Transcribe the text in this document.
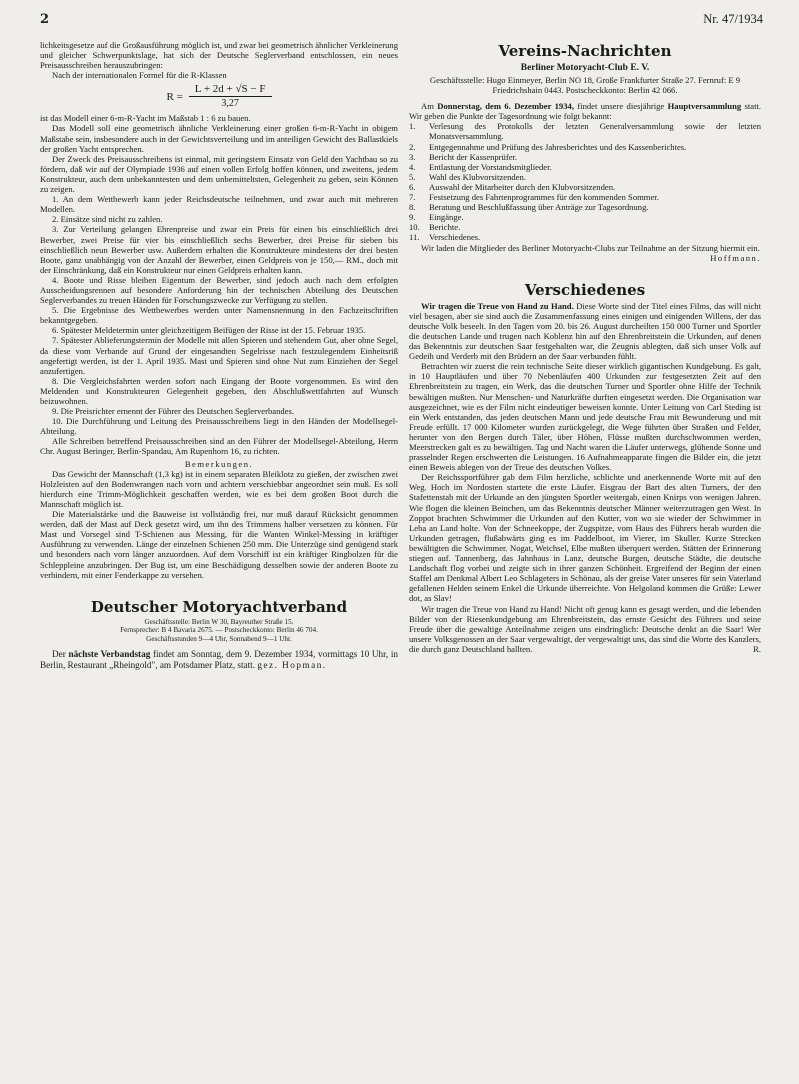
2	Nr. 47/1934

lichkeitsgesetze auf die Großausführung möglich ist, und zwar bei geometrisch ähnlicher Verkleinerung und gleicher Schwerpunktslage, hat sich der Deutsche Seglerverband entschlossen, ein neues Preisausschreiben herauszubringen:

Nach der internationalen Formel für die R-Klassen

$R = \frac{L + 2d + √S - F}{3,27}$

ist das Modell einer 6-m-R-Yacht im Maßstab 1 : 6 zu bauen.

Das Modell soll eine geometrisch ähnliche Verkleinerung einer großen 6-m-R-Yacht in obigem Maßstabe sein, insbesondere auch in der Gewichtsverteilung und im anteiligen Gewicht des Ballastkiels der großen Yacht entsprechen.

Der Zweck des Preisausschreibens ist einmal, mit geringstem Einsatz von Geld den Yachtbau so zu fördern, daß wir auf der Olympiade 1936 auf einen vollen Erfolg hoffen können, und zweitens, jedem Konstrukteur, auch dem unbekanntesten und dem unbemitteltsten, Gelegenheit zu geben, sein Können zu zeigen.

1. An dem Wettbewerb kann jeder Reichsdeutsche teilnehmen, und zwar auch mit mehreren Modellen.

2. Einsätze sind nicht zu zahlen.

3. Zur Verteilung gelangen Ehrenpreise und zwar ein Preis für einen bis einschließlich drei Bewerber, zwei Preise für vier bis einschließlich sechs Bewerber, drei Preise für sieben bis einschließlich neun Bewerber usw. Außerdem erhalten die Konstrukteure mindestens der drei besten Boote, ganz unabhängig von der Anzahl der Bewerber, einen Geldpreis von je 150,— RM., doch mit der Einschränkung, daß ein Konstrukteur nur einen Geldpreis erhalten kann.

4. Boote und Risse bleiben Eigentum der Bewerber, sind jedoch auch nach dem erfolgten Ausscheidungsrennen auf besondere Anforderung hin der technischen Abteilung des Deutschen Seglerverbandes zu treuen Händen für Forschungszwecke zur Verfügung zu stellen.

5. Die Ergebnisse des Wettbewerbes werden unter Namensnennung in den Fachzeitschriften bekanntgegeben.

6. Spätester Meldetermin unter gleichzeitigem Beifügen der Risse ist der 15. Februar 1935.

7. Spätester Ablieferungstermin der Modelle mit allen Spieren und stehendem Gut, aber ohne Segel, da diese vom Verbande auf Grund der eingesandten Segelrisse nach festzulegendem Einheitsriß angefertigt werden, ist der 1. April 1935. Mast und Spieren sind ohne Nut zum Einziehen der Segel anzufertigen.

8. Die Vergleichsfahrten werden sofort nach Eingang der Boote vorgenommen. Es wird den Meldenden und Konstrukteuren Gelegenheit gegeben, den Abschlußwettfahrten auf Wunsch beizuwohnen.

9. Die Preisrichter ernennt der Führer des Deutschen Seglerverbandes.

10. Die Durchführung und Leitung des Preisausschreibens liegt in den Händen der Modellsegel-Abteilung.

Alle Schreiben betreffend Preisausschreiben sind an den Führer der Modellsegel-Abteilung, Herrn Chr. August Beringer, Berlin-Spandau, Am Rupenhorn 16, zu richten.

Bemerkungen.

Das Gewicht der Mannschaft (1,3 kg) ist in einem separaten Bleiklotz zu gießen, der zwischen zwei Holzleisten auf den Bodenwrangen nach vorn und achtern verschiebbar angeordnet sein muß. Es soll hierdurch eine Trimm-Möglichkeit geschaffen werden, wie es bei dem großen Boot durch die Mannschaft möglich ist.

Die Materialstärke und die Bauweise ist vollständig frei, nur muß darauf Rücksicht genommen werden, daß der Mast auf Deck gesetzt wird, um ihn des Trimmens halber versetzen zu können. Für Mast und Vorsegel sind T-Schienen aus Messing, für die Wanten Winkel-Messing in kräftiger Ausführung zu verwenden. Länge der einzelnen Schienen 250 mm. Die Unterzüge sind genügend stark und besonders nach vorn länger anzuordnen. Auf dem Vorschiff ist ein kräftiger Ringbolzen für die Schleppleine anzubringen. Der Bug ist, um eine Beschädigung desselben sowie der anderen Boote zu verhindern, mit einer Fenderkappe zu versehen.

Deutscher Motoryachtverband
Geschäftsstelle: Berlin W 30, Bayreuther Straße 15.
Fernsprecher: B 4 Bavaria 2675. — Postscheckkonto: Berlin 46 704.
Geschäftsstunden 9—4 Uhr, Sonnabend 9—1 Uhr.

Der nächste Verbandstag findet am Sonntag, dem 9. Dezember 1934, vormittags 10 Uhr, in Berlin, Restaurant „Rheingold", am Potsdamer Platz, statt. gez. Hopman.

Vereins-Nachrichten
Berliner Motoryacht-Club E. V.

Geschäftsstelle: Hugo Einmeyer, Berlin NO 18, Große Frankfurter Straße 27. Fernruf: E 9 Friedrichshain 0443. Postscheckkonto: Berlin 42 066.

Am Donnerstag, dem 6. Dezember 1934, findet unsere diesjährige Hauptversammlung statt. Wir geben die Punkte der Tagesordnung wie folgt bekannt:

1.	Verlesung des Protokolls der letzten Generalversammlung sowie der letzten Monatsversammlung.
2.	Entgegennahme und Prüfung des Jahresberichtes und des Kassenberichtes.
3.	Bericht der Kassenprüfer.
4.	Entlastung der Vorstandsmitglieder.
5.	Wahl des Klubvorsitzenden.
6.	Auswahl der Mitarbeiter durch den Klubvorsitzenden.
7.	Festsetzung des Fahrtenprogrammes für den kommenden Sommer.
8.	Beratung und Beschlußfassung über Anträge zur Tagesordnung.
9.	Eingänge.
10.	Berichte.
11.	Verschiedenes.

Wir laden die Mitglieder des Berliner Motoryacht-Clubs zur Teilnahme an der Sitzung hiermit ein.
Hoffmann.

Verschiedenes

Wir tragen die Treue von Hand zu Hand. Diese Worte sind der Titel eines Films, das will nicht viel besagen, aber sie sind auch die Zusammenfassung eines einigen und einigenden Willens, der das deutsche Volk beseelt. In den Tagen vom 20. bis 26. August durcheilten 150 000 Turner und Sportler die deutschen Lande und trugen nach Koblenz hin auf den Ehrenbreitstein die Urkunden, auf denen das Bekenntnis zur deutschen Saar festgehalten war, die Zeugnis ablegten, daß sich unser Volk auf Gedeih und Verderb mit den Brüdern an der Saar verbunden fühlt.

Betrachten wir zuerst die rein technische Seite dieser wirklich gigantischen Kundgebung. Es galt, in 10 Hauptläufen und über 70 Nebenläufen 400 Urkunden zur festgesetzten Zeit auf den Ehrenbreitstein zu tragen, ein Werk, das die deutschen Turner und Sportler ohne Hilfe der Technik bewältigen mußten. Nur Menschen- und Naturkräfte durften eingesetzt werden. Die Organisation war ausgezeichnet, wie es der Film nicht eindeutiger beweisen konnte. Unter Leitung von Carl Steding ist ein Werk entstanden, das jeden deutschen Mann und jede deutsche Frau mit Bewunderung und mit Freude erfüllt. 17 000 Kilometer wurden zurückgelegt, die Wege führten über Straßen und Felder, herunter von den Bergen durch Täler, über Höhen, Flüsse mußten durchschwommen werden, Meerstrecken galt es zu bewältigen. Tag und Nacht waren die Läufer unterwegs, glühende Sonne und prasselnder Regen erschwerten die Leistungen. 16 Aufnahmeapparate fingen die Bilder ein, die jetzt einen Beweis ablegen von der Treue des deutschen Volkes.

Der Reichssportführer gab dem Film herzliche, schlichte und anerkennende Worte mit auf den Weg. Hoch im Nordosten startete die erste Läufer. Eisgrau der Bart des alten Turners, der den Stafettenstab mit der Urkunde an den jüngsten Sportler weitergab, einen Knirps von wenigen Jahren. Wie flogen die kleinen Beinchen, um das Bekenntnis deutscher Männer weiterzutragen gen West. In Zoppot brachten Schwimmer die Urkunden auf den Kutter, von wo sie wieder der Schwimmer in Leba an Land holte. Von der Schneekoppe, der Zugspitze, vom Haus des Führers herab wurden die Urkunden getragen, flußabwärts ging es im Paddelboot, im Vierer, im Skuller. Kurze Strecken bewältigten die Schwimmer. Nogat, Weichsel, Elbe mußten überquert werden. Stätten der Erinnerung stiegen auf. Tannenberg, das Jahnhaus in Lanz, deutsche Burgen, deutsche Städte, die deutsche Landschaft flog vorbei und zeigte sich in ihrer ganzen Schönheit. Ergreifend der Beginn der einen Staffel am Denkmal Albert Leo Schlageters in Schönau, als der greise Vater unseres für sein Vaterland gefallenen Helden seinem Enkel die Urkunde überreichte. Von Helgoland kommen die Grüße: Lewer dot, as Slav!

Wir tragen die Treue von Hand zu Hand! Nicht oft genug kann es gesagt werden, und die lebenden Bilder von der Riesenkundgebung am Ehrenbreitstein, das ernste Gesicht des Führers und seine Freude über die gewaltige Anteilnahme zeigen uns eindringlich: Deutsche denkt an die Saar! Wer unsere Volksgenossen an der Saar vergewaltigt, der vergewaltigt uns, das sind die Worte des Kanzlers, die durch ganz Deutschland hallten.	R.
